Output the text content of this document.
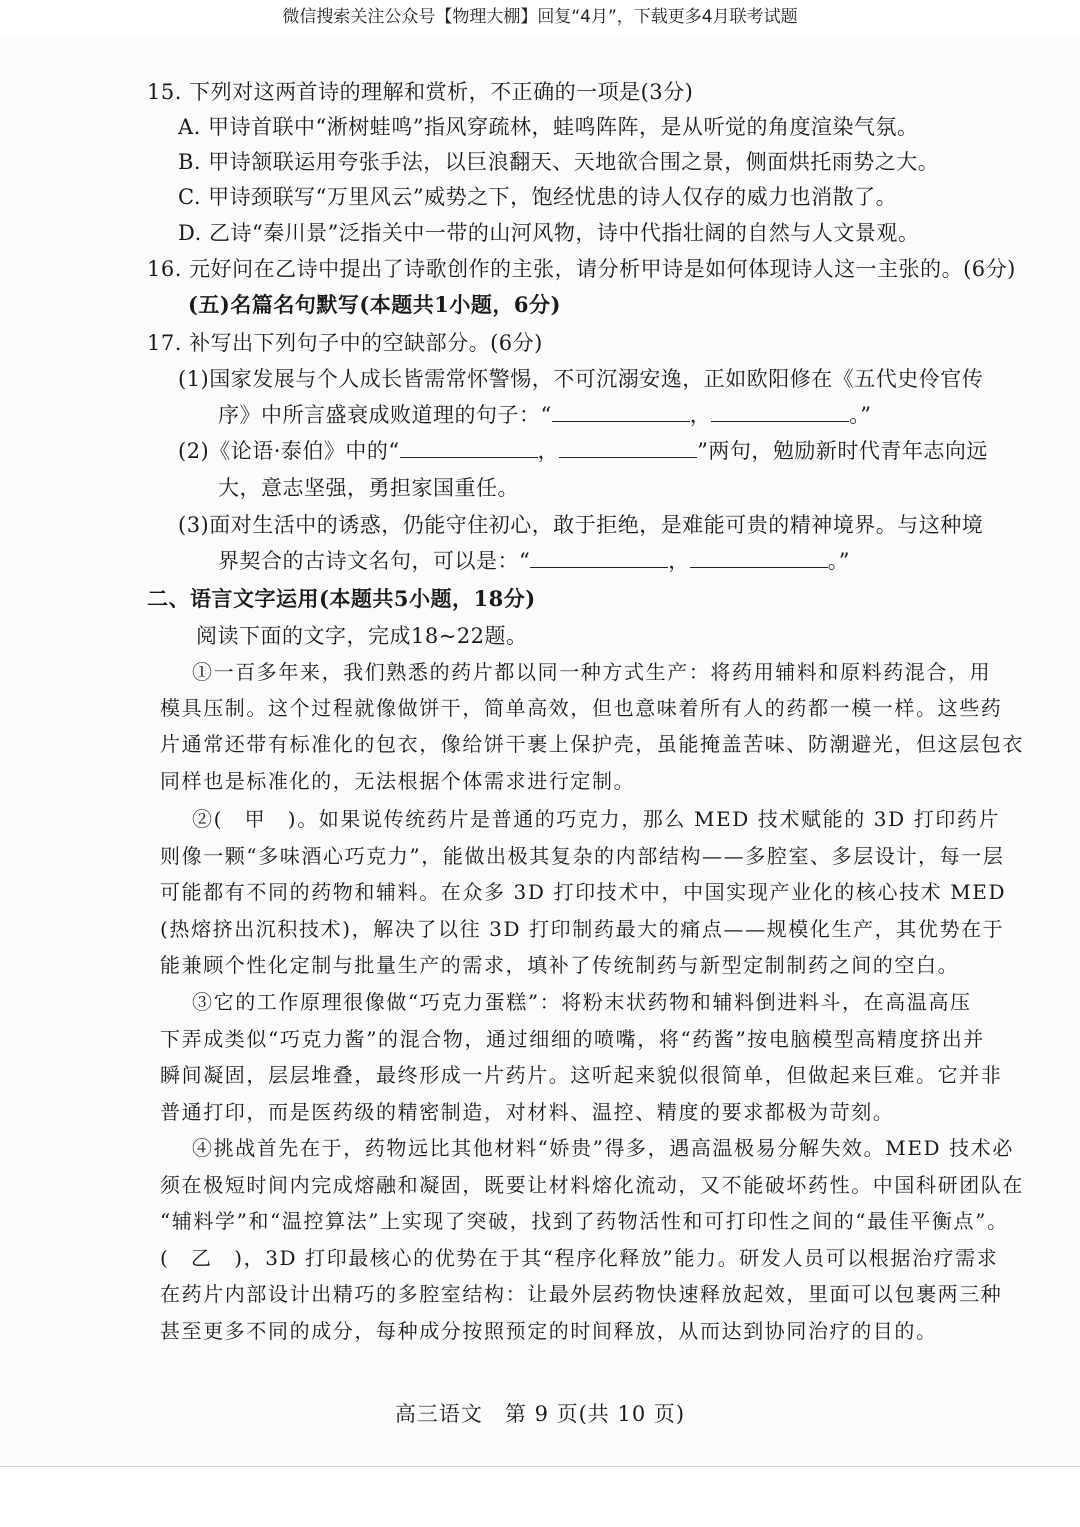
微信搜索关注公众号【物理大棚】回复“4月”，下载更多4月联考试题
15. 下列对这两首诗的理解和赏析，不正确的一项是(3分)
A. 甲诗首联中“淅树蛙鸣”指风穿疏林，蛙鸣阵阵，是从听觉的角度渲染气氛。
B. 甲诗颔联运用夸张手法，以巨浪翻天、天地欲合围之景，侧面烘托雨势之大。
C. 甲诗颈联写“万里风云”威势之下，饱经忧患的诗人仅存的威力也消散了。
D. 乙诗“秦川景”泛指关中一带的山河风物，诗中代指壮阔的自然与人文景观。
16. 元好问在乙诗中提出了诗歌创作的主张，请分析甲诗是如何体现诗人这一主张的。(6分)
(五)名篇名句默写(本题共1小题，6分)
17. 补写出下列句子中的空缺部分。(6分)
(1)国家发展与个人成长皆需常怀警惕，不可沉溺安逸，正如欧阳修在《五代史伶官传
序》中所言盛衰成败道理的句子：“	，	。”
(2)《论语·泰伯》中的“	，	”两句，勉励新时代青年志向远
大，意志坚强，勇担家国重任。
(3)面对生活中的诱惑，仍能守住初心，敢于拒绝，是难能可贵的精神境界。与这种境
界契合的古诗文名句，可以是：“	，	。”
二、语言文字运用(本题共5小题，18分)
阅读下面的文字，完成18~22题。
①一百多年来，我们熟悉的药片都以同一种方式生产：将药用辅料和原料药混合，用
模具压制。这个过程就像做饼干，简单高效，但也意味着所有人的药都一模一样。这些药
片通常还带有标准化的包衣，像给饼干裹上保护壳，虽能掩盖苦味、防潮避光，但这层包衣
同样也是标准化的，无法根据个体需求进行定制。
②(　甲　)。如果说传统药片是普通的巧克力，那么 MED 技术赋能的 3D 打印药片
则像一颗“多味酒心巧克力”，能做出极其复杂的内部结构——多腔室、多层设计，每一层
可能都有不同的药物和辅料。在众多 3D 打印技术中，中国实现产业化的核心技术 MED
(热熔挤出沉积技术)，解决了以往 3D 打印制药最大的痛点——规模化生产，其优势在于
能兼顾个性化定制与批量生产的需求，填补了传统制药与新型定制制药之间的空白。
③它的工作原理很像做“巧克力蛋糕”：将粉末状药物和辅料倒进料斗，在高温高压
下弄成类似“巧克力酱”的混合物，通过细细的喷嘴，将“药酱”按电脑模型高精度挤出并
瞬间凝固，层层堆叠，最终形成一片药片。这听起来貌似很简单，但做起来巨难。它并非
普通打印，而是医药级的精密制造，对材料、温控、精度的要求都极为苛刻。
④挑战首先在于，药物远比其他材料“娇贵”得多，遇高温极易分解失效。MED 技术必
须在极短时间内完成熔融和凝固，既要让材料熔化流动，又不能破坏药性。中国科研团队在
“辅料学”和“温控算法”上实现了突破，找到了药物活性和可打印性之间的“最佳平衡点”。
(　乙　)，3D 打印最核心的优势在于其“程序化释放”能力。研发人员可以根据治疗需求
在药片内部设计出精巧的多腔室结构：让最外层药物快速释放起效，里面可以包裹两三种
甚至更多不同的成分，每种成分按照预定的时间释放，从而达到协同治疗的目的。
高三语文　第 9 页(共 10 页)
